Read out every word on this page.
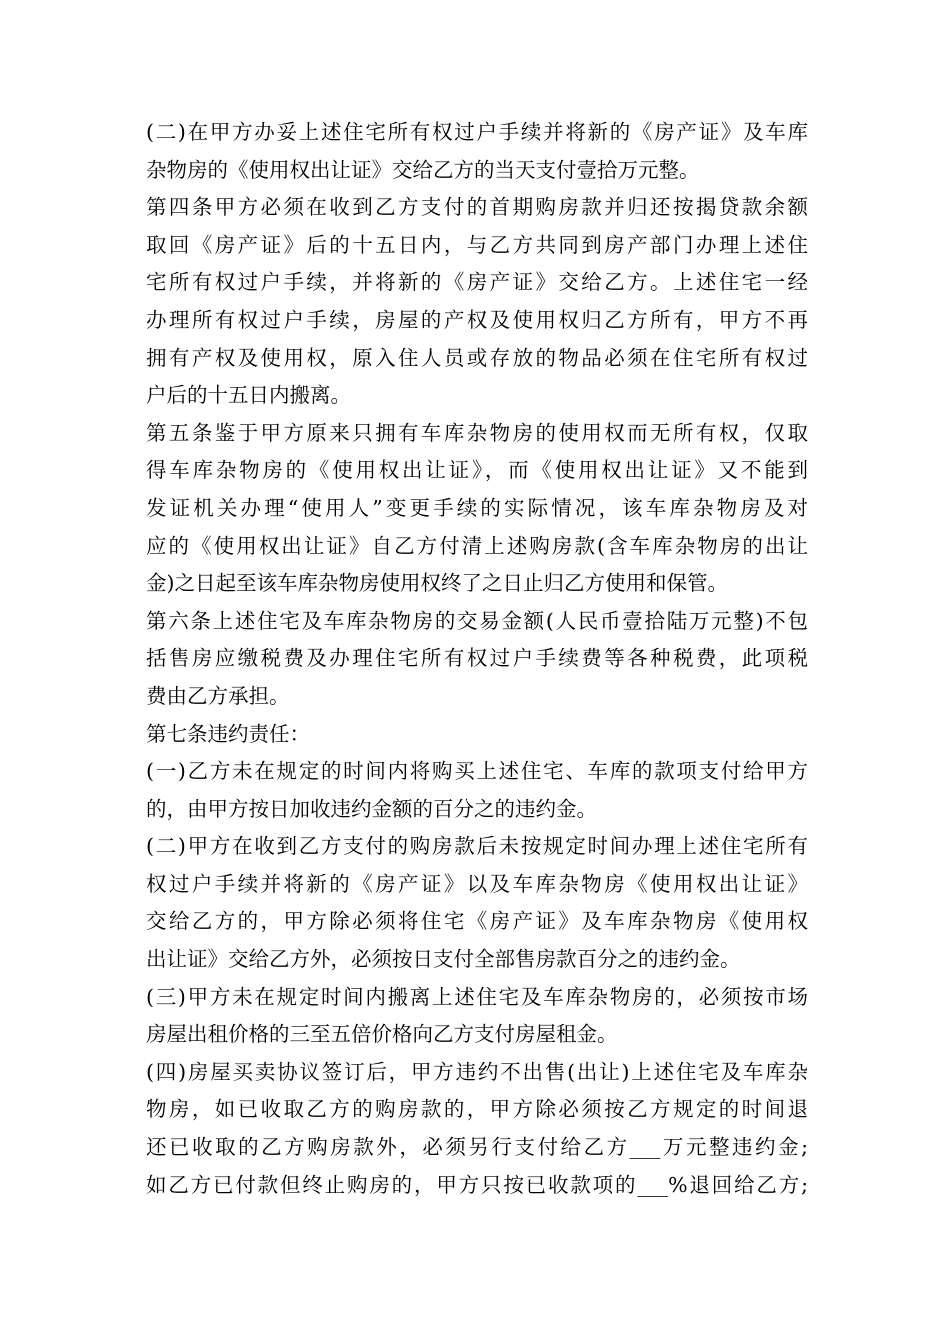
(二)在甲方办妥上述住宅所有权过户手续并将新的《房产证》及车库
杂物房的《使用权出让证》交给乙方的当天支付壹拾万元整。
第四条甲方必须在收到乙方支付的首期购房款并归还按揭贷款余额
取回《房产证》后的十五日内，与乙方共同到房产部门办理上述住
宅所有权过户手续，并将新的《房产证》交给乙方。上述住宅一经
办理所有权过户手续，房屋的产权及使用权归乙方所有，甲方不再
拥有产权及使用权，原入住人员或存放的物品必须在住宅所有权过
户后的十五日内搬离。
第五条鉴于甲方原来只拥有车库杂物房的使用权而无所有权，仅取
得车库杂物房的《使用权出让证》，而《使用权出让证》又不能到
发证机关办理“使用人”变更手续的实际情况，该车库杂物房及对
应的《使用权出让证》自乙方付清上述购房款(含车库杂物房的出让
金)之日起至该车库杂物房使用权终了之日止归乙方使用和保管。
第六条上述住宅及车库杂物房的交易金额(人民币壹拾陆万元整)不包
括售房应缴税费及办理住宅所有权过户手续费等各种税费，此项税
费由乙方承担。
第七条违约责任：
(一)乙方未在规定的时间内将购买上述住宅、车库的款项支付给甲方
的，由甲方按日加收违约金额的百分之的违约金。
(二)甲方在收到乙方支付的购房款后未按规定时间办理上述住宅所有
权过户手续并将新的《房产证》以及车库杂物房《使用权出让证》
交给乙方的，甲方除必须将住宅《房产证》及车库杂物房《使用权
出让证》交给乙方外，必须按日支付全部售房款百分之的违约金。
(三)甲方未在规定时间内搬离上述住宅及车库杂物房的，必须按市场
房屋出租价格的三至五倍价格向乙方支付房屋租金。
(四)房屋买卖协议签订后，甲方违约不出售(出让)上述住宅及车库杂
物房，如已收取乙方的购房款的，甲方除必须按乙方规定的时间退
还已收取的乙方购房款外，必须另行支付给乙方___万元整违约金;
如乙方已付款但终止购房的，甲方只按已收款项的___%退回给乙方;
